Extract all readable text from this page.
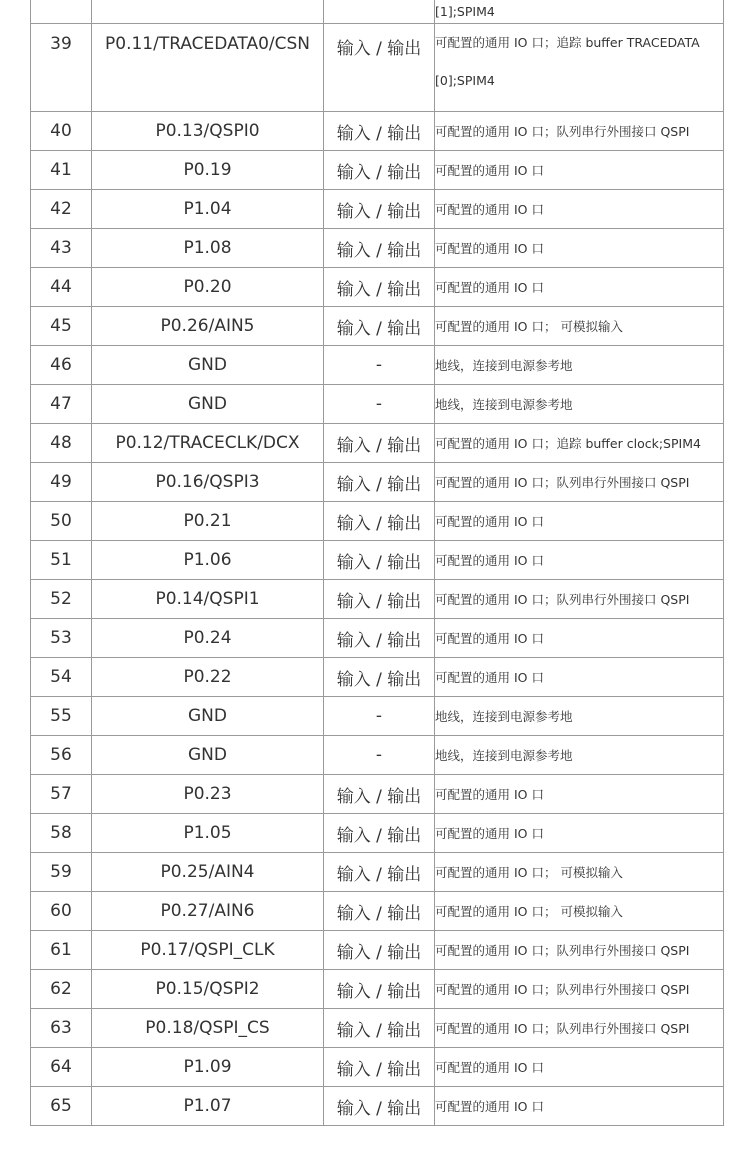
			[1];SPIM4
39	P0.11/TRACEDATA0/CSN	输入 / 输出	可配置的通用 IO 口；追踪 buffer TRACEDATA
[0];SPIM4

40	P0.13/QSPI0	输入 / 输出	可配置的通用 IO 口；队列串行外围接口 QSPI
41	P0.19	输入 / 输出	可配置的通用 IO 口
42	P1.04	输入 / 输出	可配置的通用 IO 口
43	P1.08	输入 / 输出	可配置的通用 IO 口
44	P0.20	输入 / 输出	可配置的通用 IO 口
45	P0.26/AIN5	输入 / 输出	可配置的通用 IO 口； 可模拟输入
46	GND	-	地线，连接到电源参考地
47	GND	-	地线，连接到电源参考地
48	P0.12/TRACECLK/DCX	输入 / 输出	可配置的通用 IO 口；追踪 buffer clock;SPIM4
49	P0.16/QSPI3	输入 / 输出	可配置的通用 IO 口；队列串行外围接口 QSPI
50	P0.21	输入 / 输出	可配置的通用 IO 口
51	P1.06	输入 / 输出	可配置的通用 IO 口
52	P0.14/QSPI1	输入 / 输出	可配置的通用 IO 口；队列串行外围接口 QSPI
53	P0.24	输入 / 输出	可配置的通用 IO 口
54	P0.22	输入 / 输出	可配置的通用 IO 口
55	GND	-	地线，连接到电源参考地
56	GND	-	地线，连接到电源参考地
57	P0.23	输入 / 输出	可配置的通用 IO 口
58	P1.05	输入 / 输出	可配置的通用 IO 口
59	P0.25/AIN4	输入 / 输出	可配置的通用 IO 口； 可模拟输入
60	P0.27/AIN6	输入 / 输出	可配置的通用 IO 口； 可模拟输入
61	P0.17/QSPI_CLK	输入 / 输出	可配置的通用 IO 口；队列串行外围接口 QSPI
62	P0.15/QSPI2	输入 / 输出	可配置的通用 IO 口；队列串行外围接口 QSPI
63	P0.18/QSPI_CS	输入 / 输出	可配置的通用 IO 口；队列串行外围接口 QSPI
64	P1.09	输入 / 输出	可配置的通用 IO 口
65	P1.07	输入 / 输出	可配置的通用 IO 口
